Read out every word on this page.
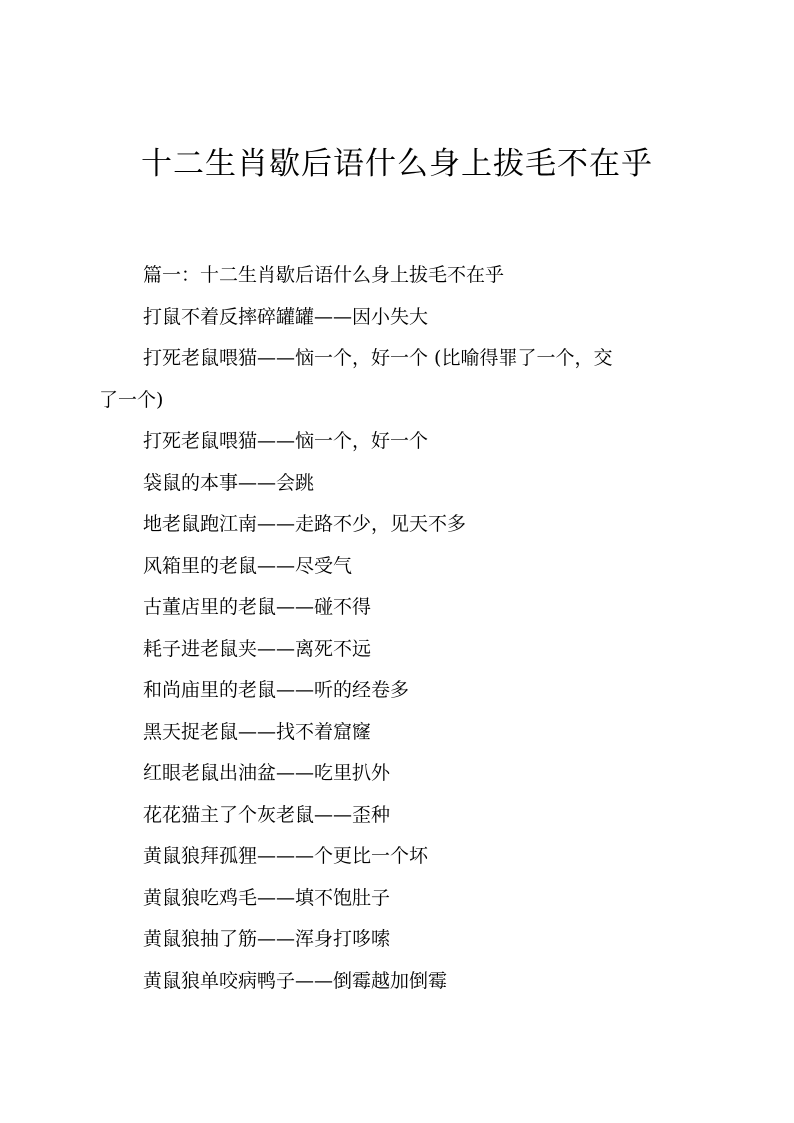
十二生肖歇后语什么身上拔毛不在乎

篇一：十二生肖歇后语什么身上拔毛不在乎

打鼠不着反摔碎罐罐——因小失大

打死老鼠喂猫——恼一个，好一个 (比喻得罪了一个，交
了一个)

打死老鼠喂猫——恼一个，好一个

袋鼠的本事——会跳

地老鼠跑江南——走路不少，见天不多

风箱里的老鼠——尽受气

古董店里的老鼠——碰不得

耗子进老鼠夹——离死不远

和尚庙里的老鼠——听的经卷多

黑天捉老鼠——找不着窟窿

红眼老鼠出油盆——吃里扒外

花花猫主了个灰老鼠——歪种

黄鼠狼拜孤狸———个更比一个坏

黄鼠狼吃鸡毛——填不饱肚子

黄鼠狼抽了筋——浑身打哆嗦

黄鼠狼单咬病鸭子——倒霉越加倒霉
